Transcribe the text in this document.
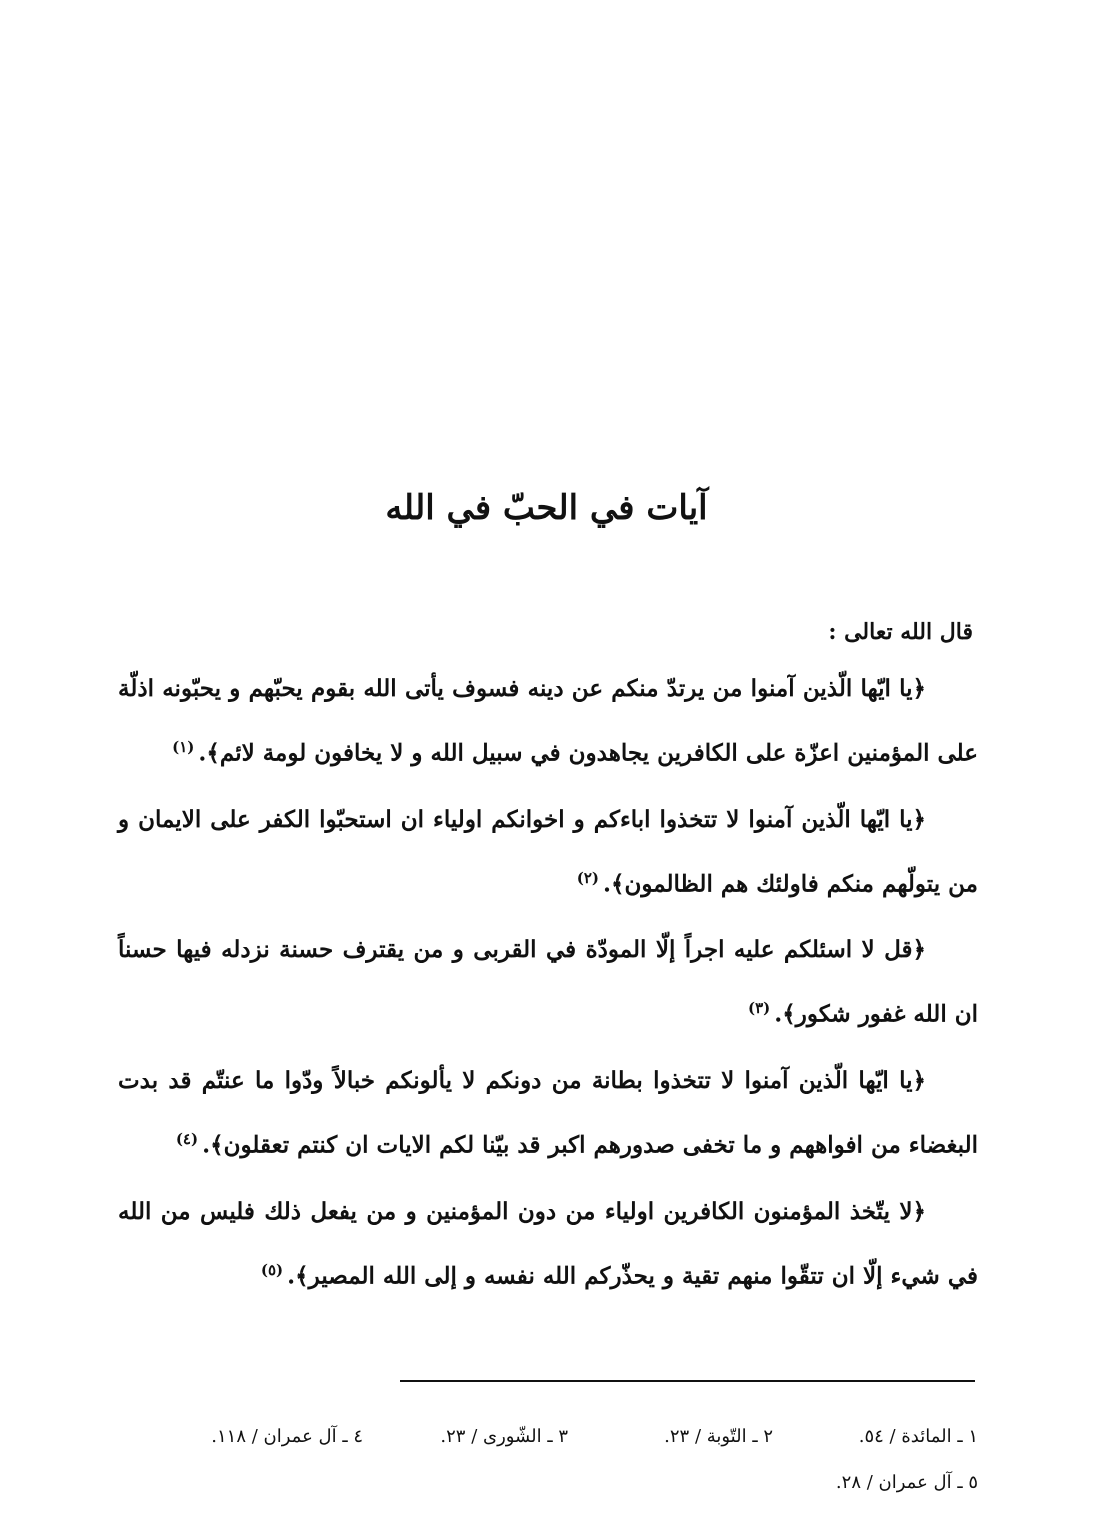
آيات في الحبّ في الله
قال الله تعالى :

﴿يا ايّها الّذين آمنوا من يرتدّ منكم عن دينه فسوف يأتى الله بقوم يحبّهم و يحبّونه اذلّة على المؤمنين اعزّة على الكافرين يجاهدون في سبيل الله و لا يخافون لومة لائم﴾.$^{(١)}$

﴿يا ايّها الّذين آمنوا لا تتخذوا اباءكم و اخوانكم اولياء ان استحبّوا الكفر على الايمان و من يتولّهم منكم فاولئك هم الظالمون﴾.$^{(٢)}$

﴿قل لا اسئلكم عليه اجراً إلّا المودّة في القربى و من يقترف حسنة نزدله فيها حسناً ان الله غفور شكور﴾.$^{(٣)}$

﴿يا ايّها الّذين آمنوا لا تتخذوا بطانة من دونكم لا يألونكم خبالاً ودّوا ما عنتّم قد بدت البغضاء من افواههم و ما تخفى صدورهم اكبر قد بيّنا لكم الايات ان كنتم تعقلون﴾.$^{(٤)}$

﴿لا يتّخذ المؤمنون الكافرين اولياء من دون المؤمنين و من يفعل ذلك فليس من الله في شيء إلّا ان تتقّوا منهم تقية و يحذّركم الله نفسه و إلى الله المصير﴾.$^{(٥)}$

١ ـ المائدة / ٥٤.
٢ ـ التّوبة / ٢٣.
٣ ـ الشّورى / ٢٣.
٤ ـ آل عمران / ١١٨.
٥ ـ آل عمران / ٢٨.
